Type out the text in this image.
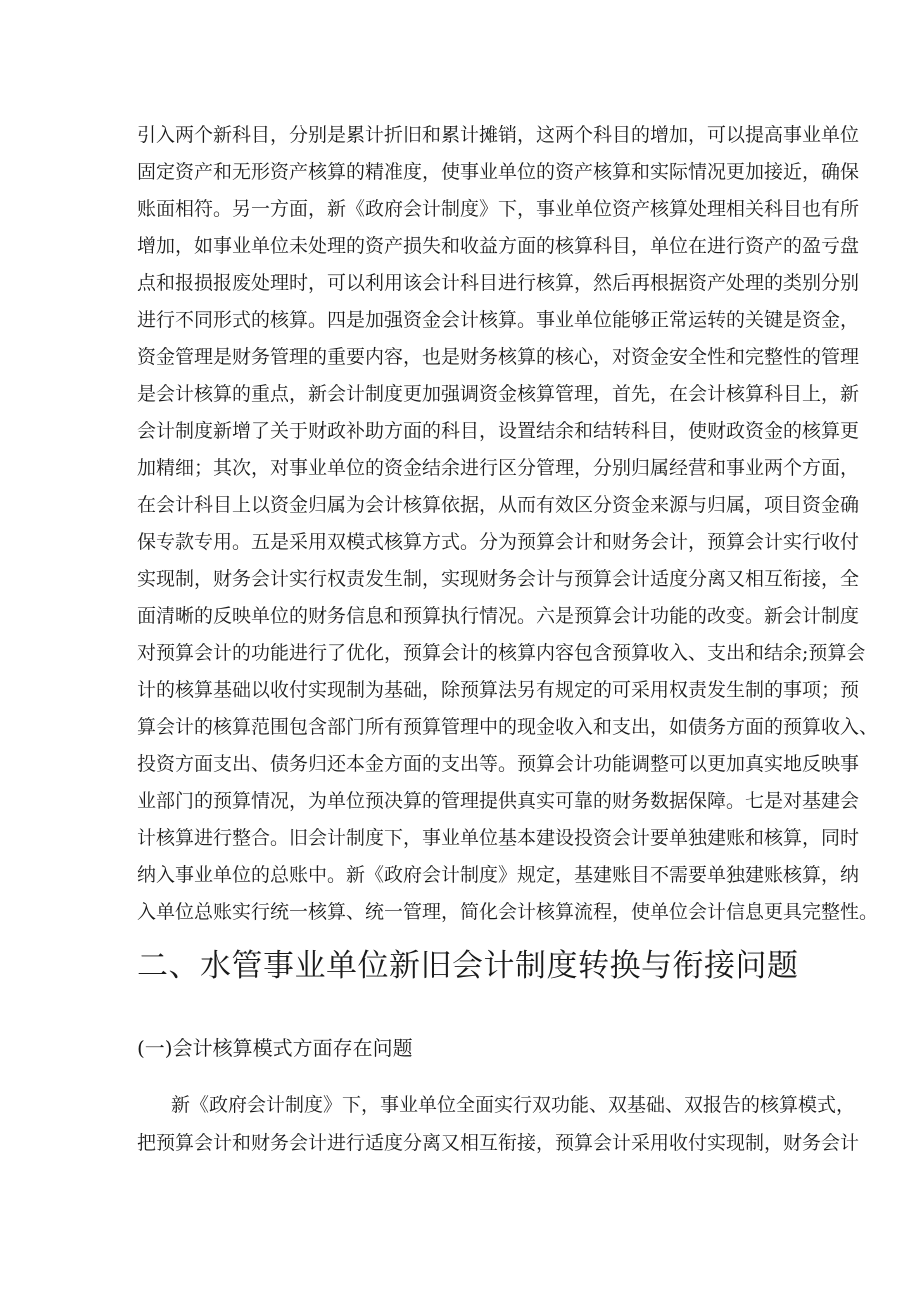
引入两个新科目，分别是累计折旧和累计摊销，这两个科目的增加，可以提高事业单位
固定资产和无形资产核算的精准度，使事业单位的资产核算和实际情况更加接近，确保
账面相符。另一方面，新《政府会计制度》下，事业单位资产核算处理相关科目也有所
增加，如事业单位未处理的资产损失和收益方面的核算科目，单位在进行资产的盈亏盘
点和报损报废处理时，可以利用该会计科目进行核算，然后再根据资产处理的类别分别
进行不同形式的核算。四是加强资金会计核算。事业单位能够正常运转的关键是资金，
资金管理是财务管理的重要内容，也是财务核算的核心，对资金安全性和完整性的管理
是会计核算的重点，新会计制度更加强调资金核算管理，首先，在会计核算科目上，新
会计制度新增了关于财政补助方面的科目，设置结余和结转科目，使财政资金的核算更
加精细；其次，对事业单位的资金结余进行区分管理，分别归属经营和事业两个方面，
在会计科目上以资金归属为会计核算依据，从而有效区分资金来源与归属，项目资金确
保专款专用。五是采用双模式核算方式。分为预算会计和财务会计，预算会计实行收付
实现制，财务会计实行权责发生制，实现财务会计与预算会计适度分离又相互衔接，全
面清晰的反映单位的财务信息和预算执行情况。六是预算会计功能的改变。新会计制度
对预算会计的功能进行了优化，预算会计的核算内容包含预算收入、支出和结余;预算会
计的核算基础以收付实现制为基础，除预算法另有规定的可采用权责发生制的事项；预
算会计的核算范围包含部门所有预算管理中的现金收入和支出，如债务方面的预算收入、
投资方面支出、债务归还本金方面的支出等。预算会计功能调整可以更加真实地反映事
业部门的预算情况，为单位预决算的管理提供真实可靠的财务数据保障。七是对基建会
计核算进行整合。旧会计制度下，事业单位基本建设投资会计要单独建账和核算，同时
纳入事业单位的总账中。新《政府会计制度》规定，基建账目不需要单独建账核算，纳
入单位总账实行统一核算、统一管理，简化会计核算流程，使单位会计信息更具完整性。
二、水管事业单位新旧会计制度转换与衔接问题
(一)会计核算模式方面存在问题
新《政府会计制度》下，事业单位全面实行双功能、双基础、双报告的核算模式，
把预算会计和财务会计进行适度分离又相互衔接，预算会计采用收付实现制，财务会计
